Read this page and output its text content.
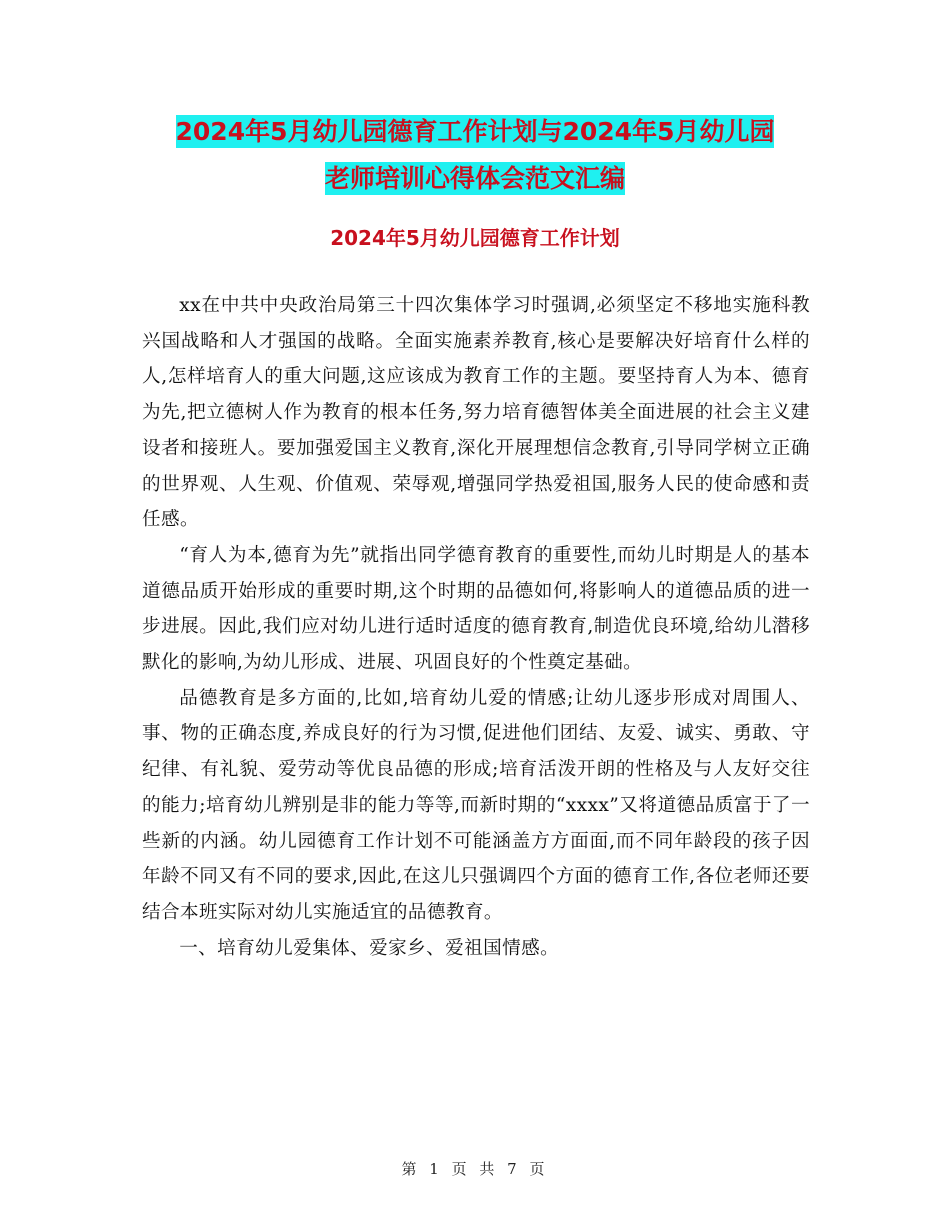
2024年5月幼儿园德育工作计划与2024年5月幼儿园
老师培训心得体会范文汇编
2024年5月幼儿园德育工作计划

xx在中共中央政治局第三十四次集体学习时强调,必须坚定不移地实施科教兴国战略和人才强国的战略。全面实施素养教育,核心是要解决好培育什么样的人,怎样培育人的重大问题,这应该成为教育工作的主题。要坚持育人为本、德育为先,把立德树人作为教育的根本任务,努力培育德智体美全面进展的社会主义建设者和接班人。要加强爱国主义教育,深化开展理想信念教育,引导同学树立正确的世界观、人生观、价值观、荣辱观,增强同学热爱祖国,服务人民的使命感和责任感。

“育人为本,德育为先”就指出同学德育教育的重要性,而幼儿时期是人的基本道德品质开始形成的重要时期,这个时期的品德如何,将影响人的道德品质的进一步进展。因此,我们应对幼儿进行适时适度的德育教育,制造优良环境,给幼儿潜移默化的影响,为幼儿形成、进展、巩固良好的个性奠定基础。

品德教育是多方面的,比如,培育幼儿爱的情感;让幼儿逐步形成对周围人、事、物的正确态度,养成良好的行为习惯,促进他们团结、友爱、诚实、勇敢、守纪律、有礼貌、爱劳动等优良品德的形成;培育活泼开朗的性格及与人友好交往的能力;培育幼儿辨别是非的能力等等,而新时期的“xxxx”又将道德品质富于了一些新的内涵。幼儿园德育工作计划不可能涵盖方方面面,而不同年龄段的孩子因年龄不同又有不同的要求,因此,在这儿只强调四个方面的德育工作,各位老师还要结合本班实际对幼儿实施适宜的品德教育。

一、培育幼儿爱集体、爱家乡、爱祖国情感。

第 1 页 共 7 页
